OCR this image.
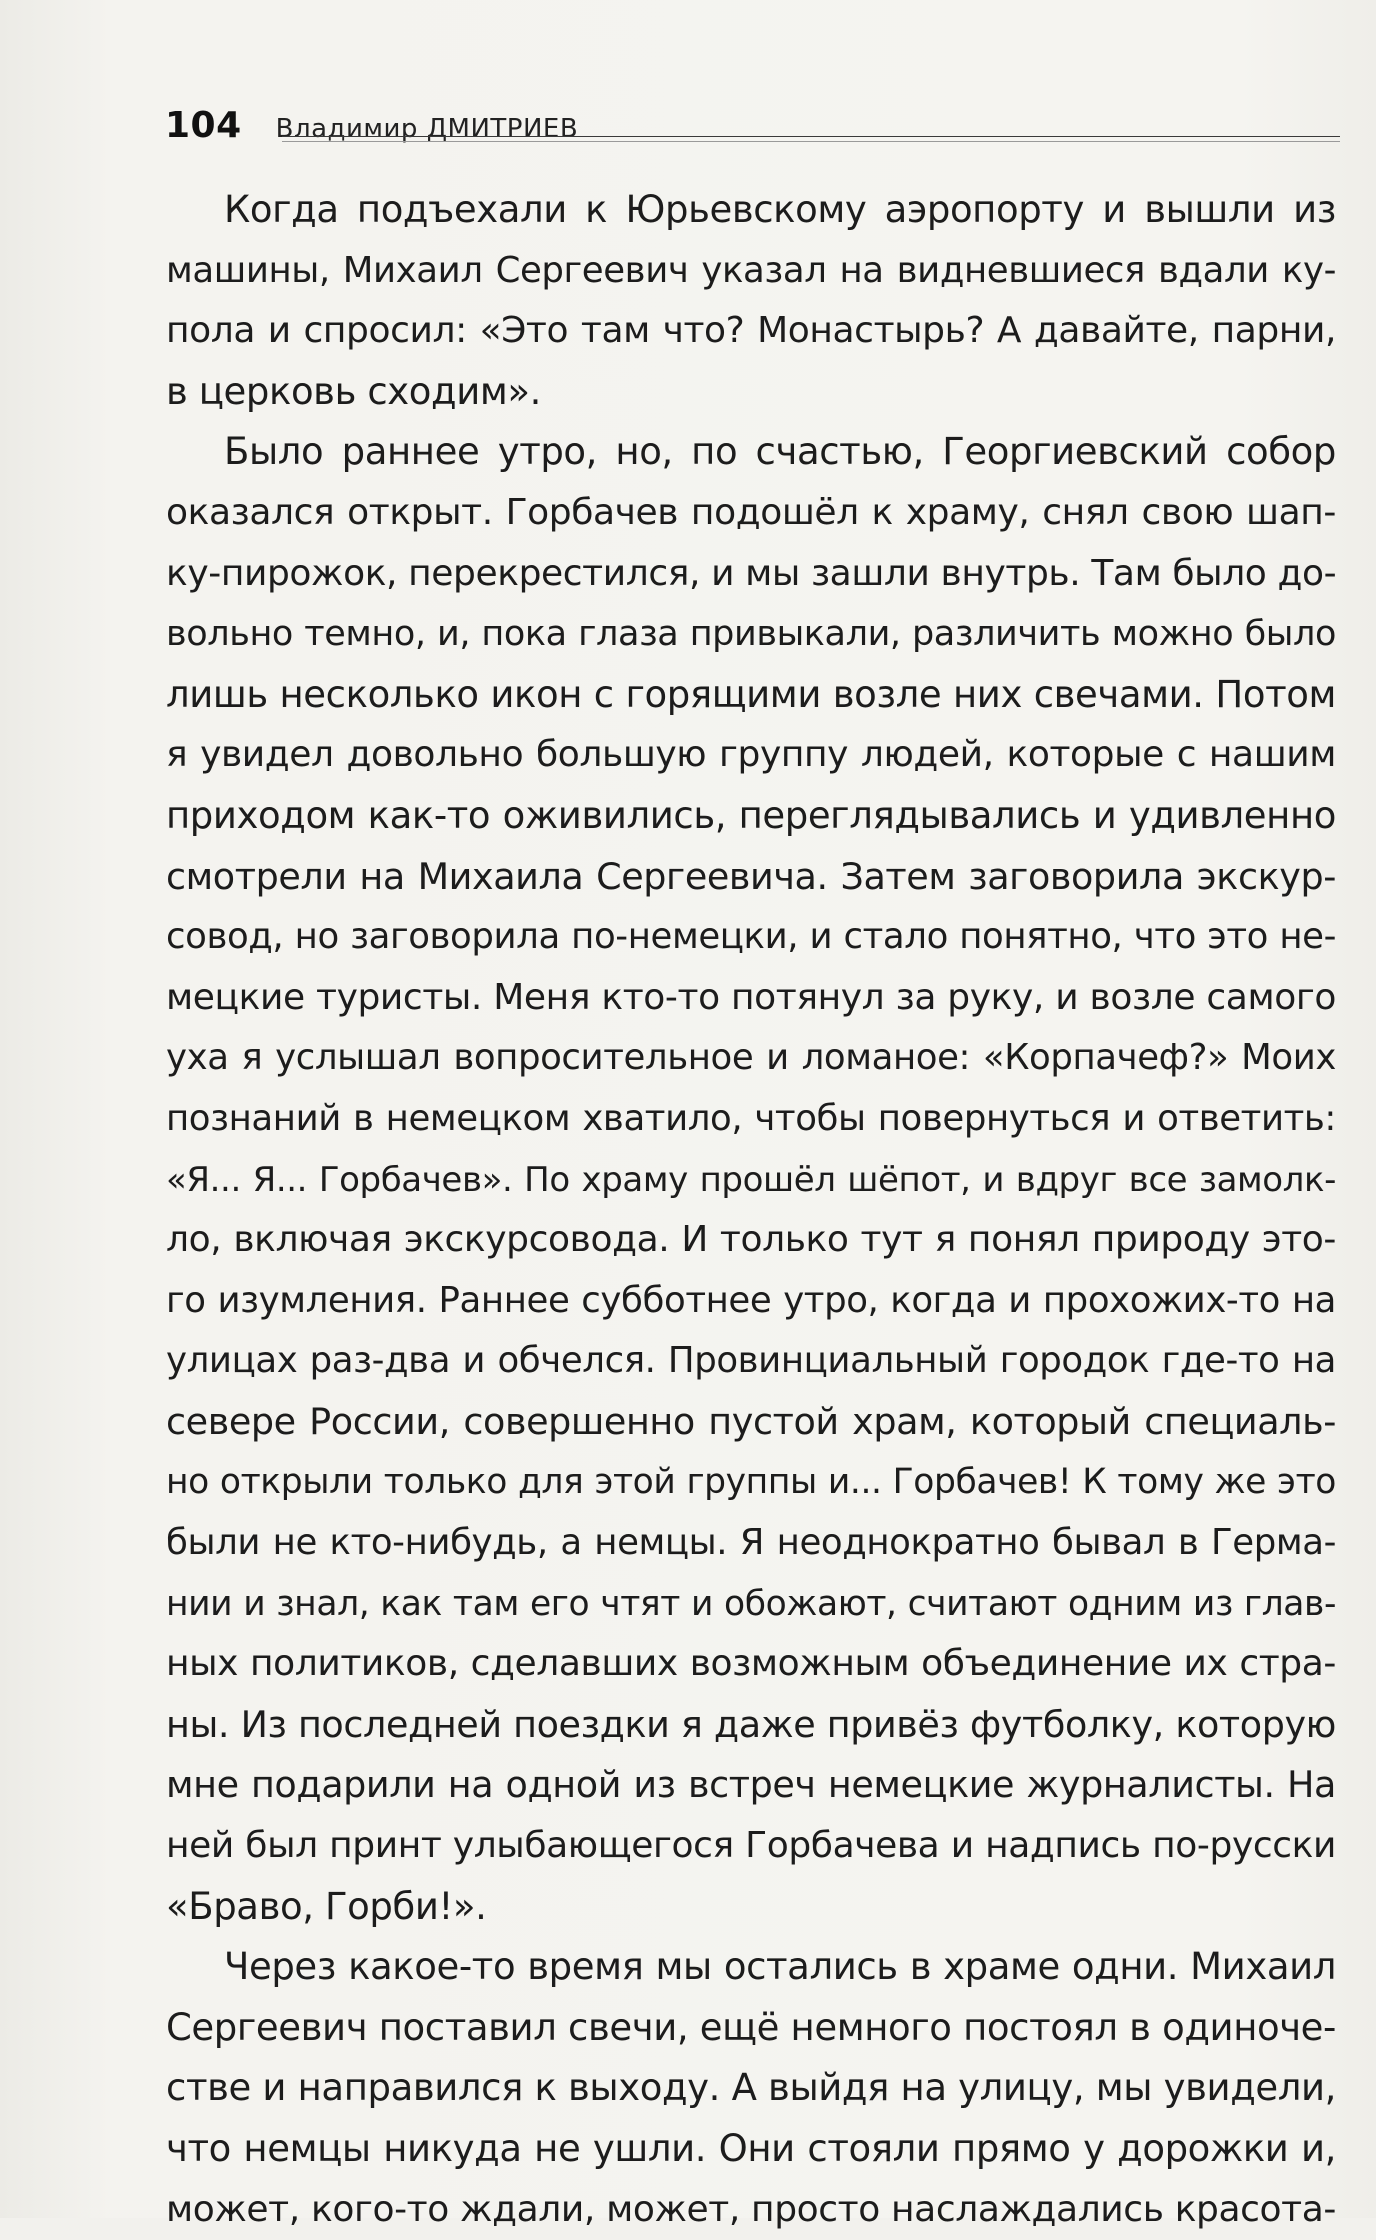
104 Владимир ДМИТРИЕВ
Когда подъехали к Юрьевскому аэропорту и вышли из
машины, Михаил Сергеевич указал на видневшиеся вдали ку-
пола и спросил: «Это там что? Монастырь? А давайте, парни,
в церковь сходим».
Было раннее утро, но, по счастью, Георгиевский собор
оказался открыт. Горбачев подошёл к храму, снял свою шап-
ку-пирожок, перекрестился, и мы зашли внутрь. Там было до-
вольно темно, и, пока глаза привыкали, различить можно было
лишь несколько икон с горящими возле них свечами. Потом
я увидел довольно большую группу людей, которые с нашим
приходом как-то оживились, переглядывались и удивленно
смотрели на Михаила Сергеевича. Затем заговорила экскур-
совод, но заговорила по-немецки, и стало понятно, что это не-
мецкие туристы. Меня кто-то потянул за руку, и возле самого
уха я услышал вопросительное и ломаное: «Корпачеф?» Моих
познаний в немецком хватило, чтобы повернуться и ответить:
«Я... Я... Горбачев». По храму прошёл шёпот, и вдруг все замолк-
ло, включая экскурсовода. И только тут я понял природу это-
го изумления. Раннее субботнее утро, когда и прохожих-то на
улицах раз-два и обчелся. Провинциальный городок где-то на
севере России, совершенно пустой храм, который специаль-
но открыли только для этой группы и... Горбачев! К тому же это
были не кто-нибудь, а немцы. Я неоднократно бывал в Герма-
нии и знал, как там его чтят и обожают, считают одним из глав-
ных политиков, сделавших возможным объединение их стра-
ны. Из последней поездки я даже привёз футболку, которую
мне подарили на одной из встреч немецкие журналисты. На
ней был принт улыбающегося Горбачева и надпись по-русски
«Браво, Горби!».
Через какое-то время мы остались в храме одни. Михаил
Сергеевич поставил свечи, ещё немного постоял в одиноче-
стве и направился к выходу. А выйдя на улицу, мы увидели,
что немцы никуда не ушли. Они стояли прямо у дорожки и,
может, кого-то ждали, может, просто наслаждались красота-
